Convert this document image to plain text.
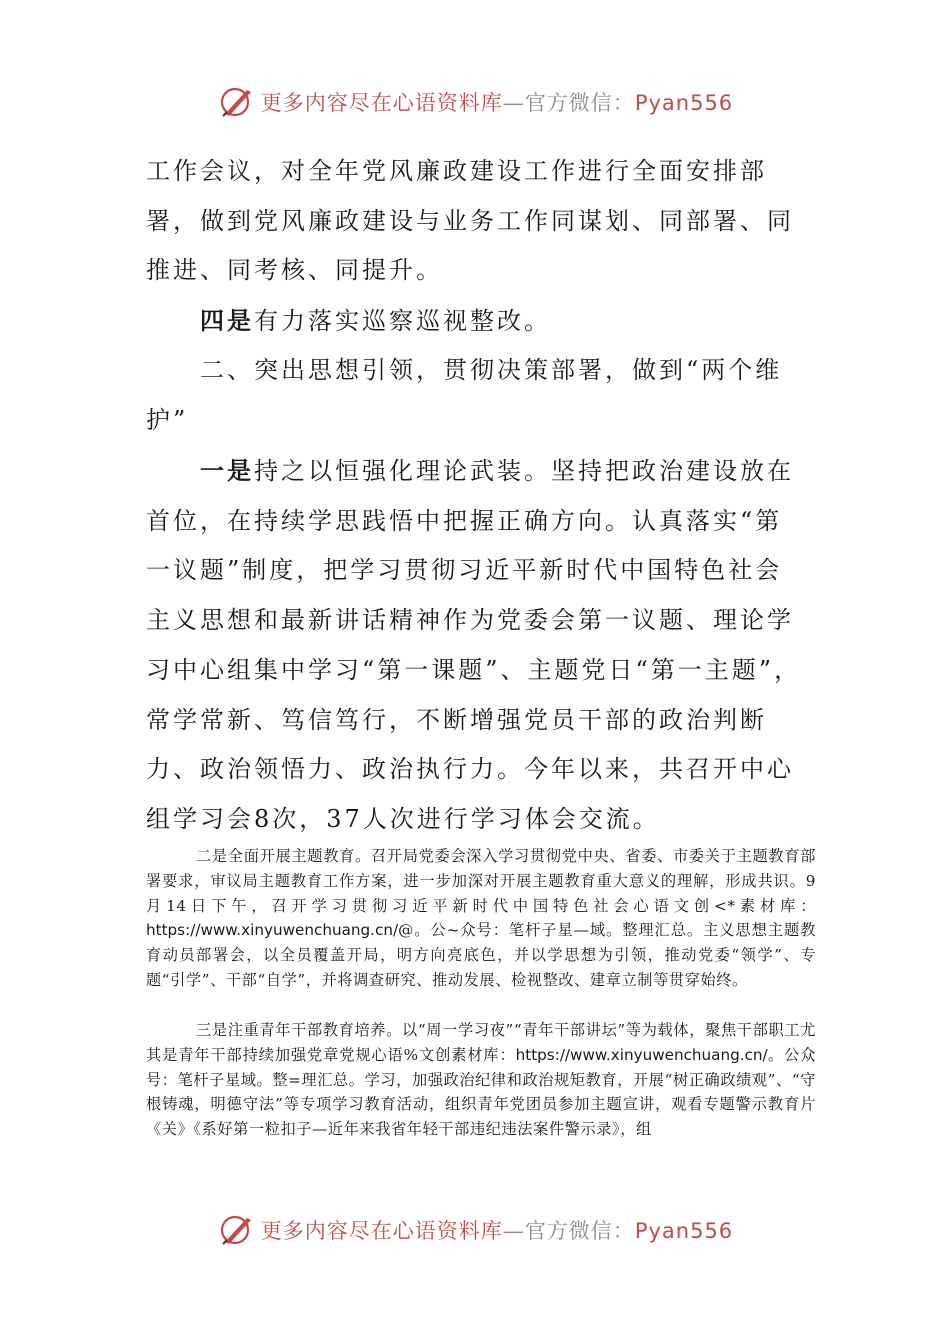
更多内容尽在心语资料库—官方微信：Pyan556

工作会议，对全年党风廉政建设工作进行全面安排部署，做到党风廉政建设与业务工作同谋划、同部署、同推进、同考核、同提升。

四是有力落实巡察巡视整改。

二、突出思想引领，贯彻决策部署，做到“两个维护”

一是持之以恒强化理论武装。坚持把政治建设放在首位，在持续学思践悟中把握正确方向。认真落实“第一议题”制度，把学习贯彻习近平新时代中国特色社会主义思想和最新讲话精神作为党委会第一议题、理论学习中心组集中学习“第一课题”、主题党日“第一主题”，常学常新、笃信笃行，不断增强党员干部的政治判断力、政治领悟力、政治执行力。今年以来，共召开中心组学习会8次，37人次进行学习体会交流。

二是全面开展主题教育。召开局党委会深入学习贯彻党中央、省委、市委关于主题教育部署要求，审议局主题教育工作方案，进一步加深对开展主题教育重大意义的理解，形成共识。9月14日下午，召开学习贯彻习近平新时代中国特色社会心语文创<*素材库：https://www.xinyuwenchuang.cn/@。公~众号：笔杆子星—域。整理汇总。主义思想主题教育动员部署会，以全员覆盖开局，明方向亮底色，并以学思想为引领，推动党委“领学”、专题“引学”、干部“自学”，并将调查研究、推动发展、检视整改、建章立制等贯穿始终。

三是注重青年干部教育培养。以“周一学习夜”“青年干部讲坛”等为载体，聚焦干部职工尤其是青年干部持续加强党章党规心语%文创素材库：https://www.xinyuwenchuang.cn/。公众号：笔杆子星域。整=理汇总。学习，加强政治纪律和政治规矩教育，开展“树正确政绩观”、“守根铸魂，明德守法”等专项学习教育活动，组织青年党团员参加主题宣讲，观看专题警示教育片《关》《系好第一粒扣子—近年来我省年轻干部违纪违法案件警示录》，组

更多内容尽在心语资料库—官方微信：Pyan556
